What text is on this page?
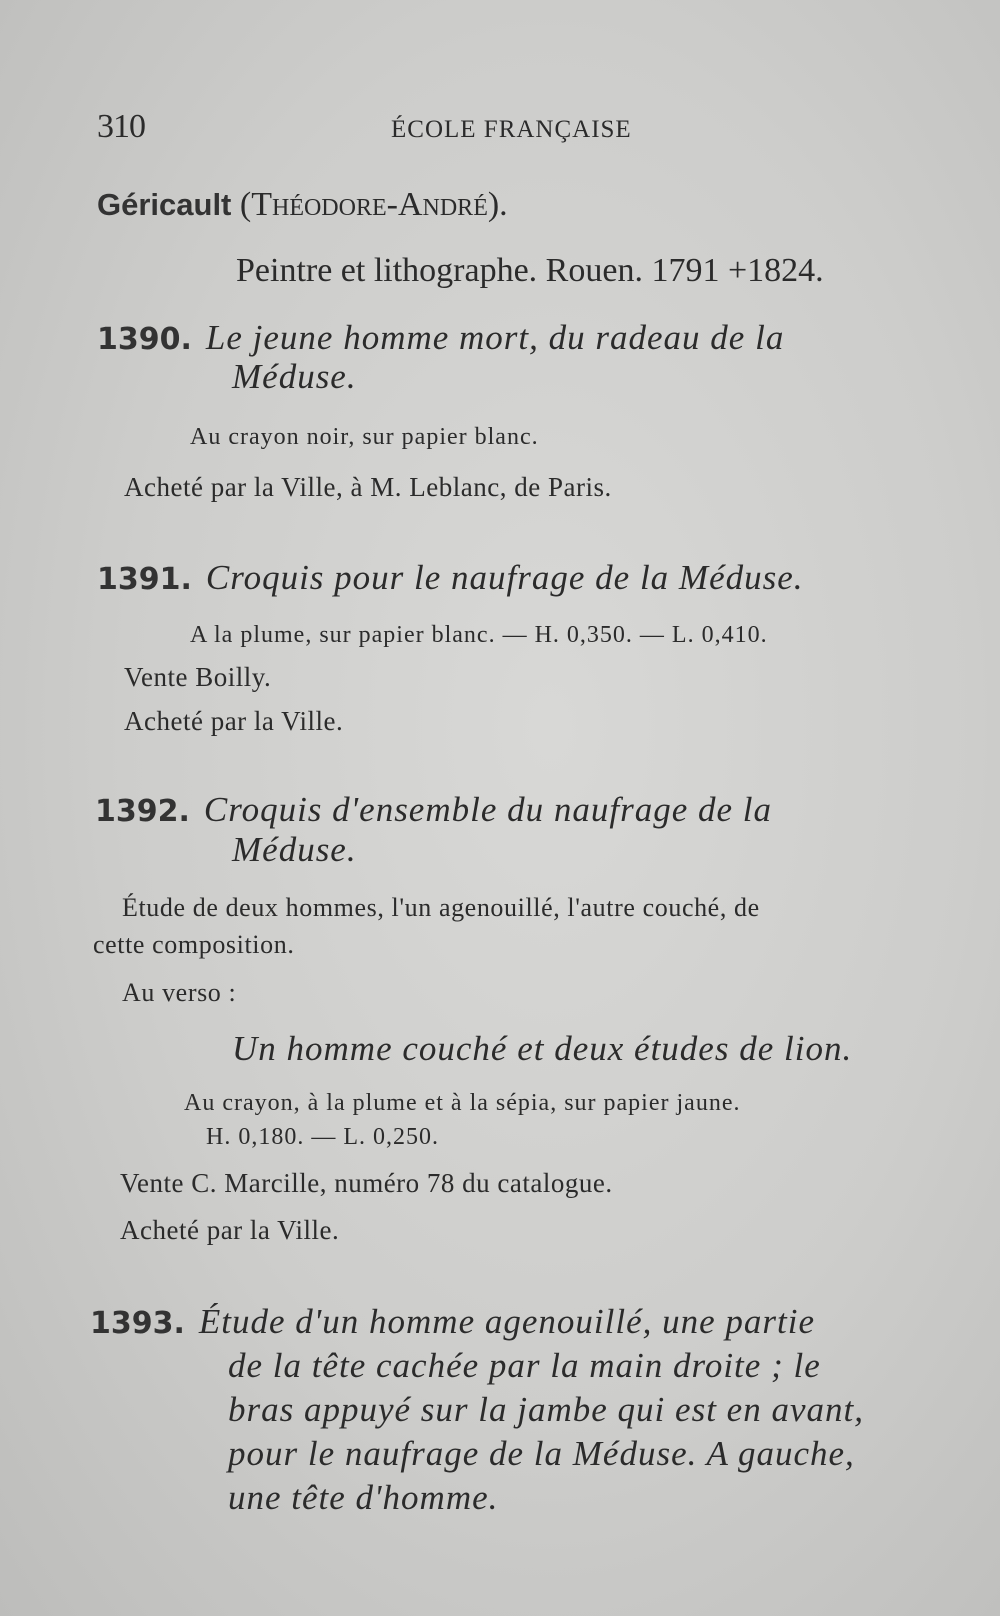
310	ÉCOLE FRANÇAISE
Géricault (Théodore-André).
Peintre et lithographe. Rouen. 1791 +1824.
1390. Le jeune homme mort, du radeau de la
Méduse.
Au crayon noir, sur papier blanc.
Acheté par la Ville, à M. Leblanc, de Paris.
1391. Croquis pour le naufrage de la Méduse.
A la plume, sur papier blanc. — H. 0,350. — L. 0,410.
Vente Boilly.
Acheté par la Ville.
1392. Croquis d'ensemble du naufrage de la
Méduse.
Étude de deux hommes, l'un agenouillé, l'autre couché, de
cette composition.
Au verso :
Un homme couché et deux études de lion.
Au crayon, à la plume et à la sépia, sur papier jaune.
H. 0,180. — L. 0,250.
Vente C. Marcille, numéro 78 du catalogue.
Acheté par la Ville.
1393. Étude d'un homme agenouillé, une partie
de la tête cachée par la main droite ; le
bras appuyé sur la jambe qui est en avant,
pour le naufrage de la Méduse. A gauche,
une tête d'homme.
